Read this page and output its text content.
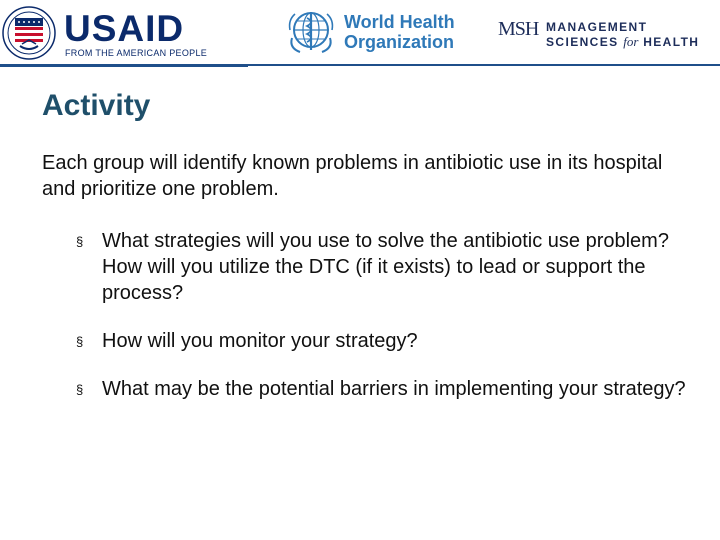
USAID
FROM THE AMERICAN PEOPLE
World Health
Organization
MSH MANAGEMENT
SCIENCES for HEALTH
Activity

Each group will identify known problems in antibiotic use in its hospital and prioritize one problem.

§ What strategies will you use to solve the antibiotic use problem? How will you utilize the DTC (if it exists) to lead or support the process?
§ How will you monitor your strategy?
§ What may be the potential barriers in implementing your strategy?
